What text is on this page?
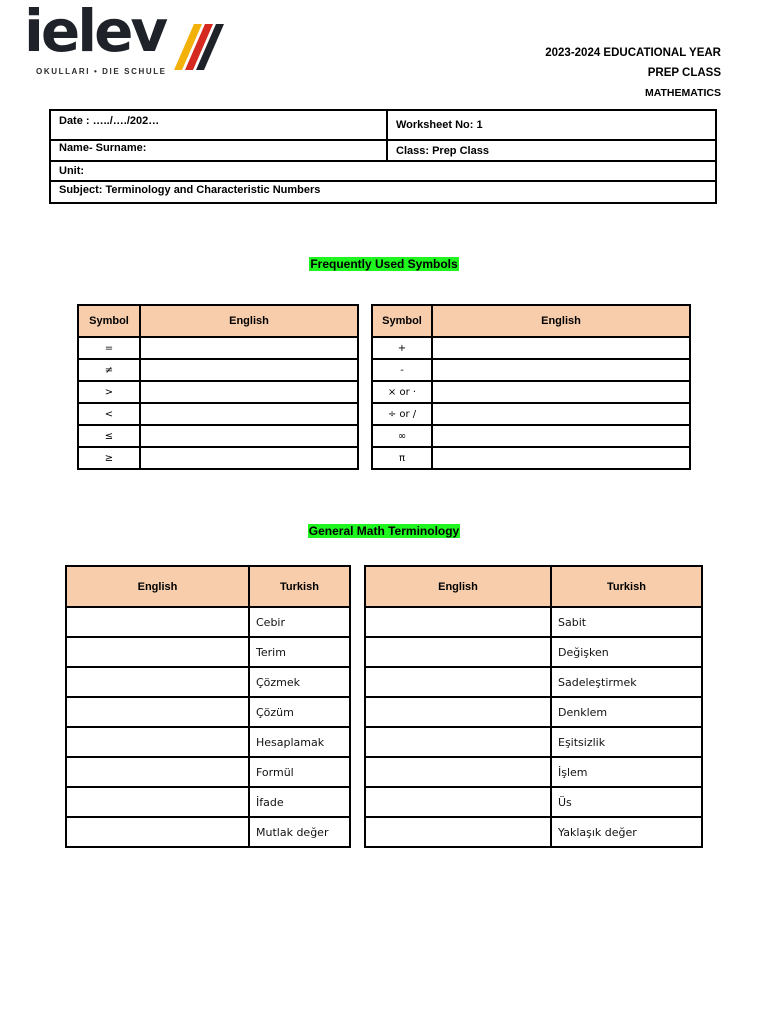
ielev
OKULLARI • DIE SCHULE
2023-2024 EDUCATIONAL YEAR
PREP CLASS
MATHEMATICS
Date : …../…./202…	Worksheet No: 1
Name- Surname:	Class: Prep Class
Unit:	
Subject: Terminology and Characteristic Numbers	
Frequently Used Symbols
Symbol	English
=	
≠	
>	
<	
≤	
≥	
Symbol	English
+	
-	
× or ·	
÷ or /	
∞	
π	
General Math Terminology
English	Turkish
	Cebir
	Terim
	Çözmek
	Çözüm
	Hesaplamak
	Formül
	İfade
	Mutlak değer
English	Turkish
	Sabit
	Değişken
	Sadeleştirmek
	Denklem
	Eşitsizlik
	İşlem
	Üs
	Yaklaşık değer
